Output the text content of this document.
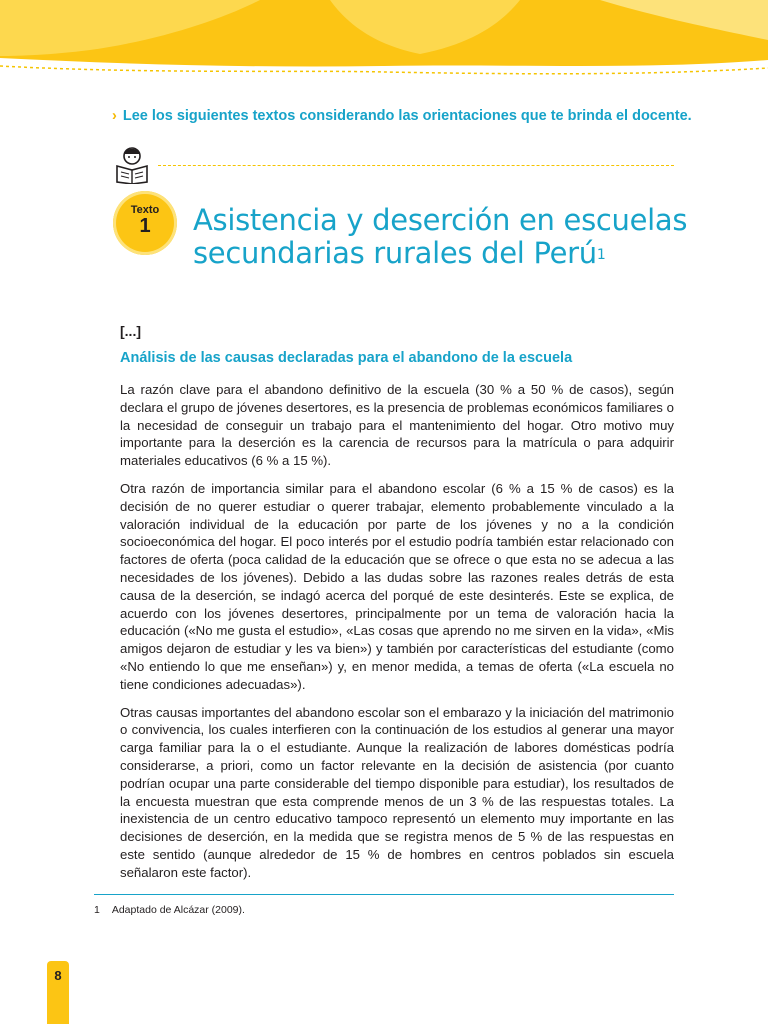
› Lee los siguientes textos considerando las orientaciones que te brinda el docente.
Texto
1	Asistencia y deserción en escuelas
secundarias rurales del Perú$^1$
[...]
Análisis de las causas declaradas para el abandono de la escuela

La razón clave para el abandono definitivo de la escuela (30 % a 50 % de casos), según declara el grupo de jóvenes desertores, es la presencia de problemas económicos familiares o la necesidad de conseguir un trabajo para el mantenimiento del hogar. Otro motivo muy importante para la deserción es la carencia de recursos para la matrícula o para adquirir materiales educativos (6 % a 15 %).

Otra razón de importancia similar para el abandono escolar (6 % a 15 % de casos) es la decisión de no querer estudiar o querer trabajar, elemento probablemente vinculado a la valoración individual de la educación por parte de los jóvenes y no a la condición socioeconómica del hogar. El poco interés por el estudio podría también estar relacionado con factores de oferta (poca calidad de la educación que se ofrece o que esta no se adecua a las necesidades de los jóvenes). Debido a las dudas sobre las razones reales detrás de esta causa de la deserción, se indagó acerca del porqué de este desinterés. Este se explica, de acuerdo con los jóvenes desertores, principalmente por un tema de valoración hacia la educación («No me gusta el estudio», «Las cosas que aprendo no me sirven en la vida», «Mis amigos dejaron de estudiar y les va bien») y también por características del estudiante (como «No entiendo lo que me enseñan») y, en menor medida, a temas de oferta («La escuela no tiene condiciones adecuadas»).

Otras causas importantes del abandono escolar son el embarazo y la iniciación del matrimonio o convivencia, los cuales interfieren con la continuación de los estudios al generar una mayor carga familiar para la o el estudiante. Aunque la realización de labores domésticas podría considerarse, a priori, como un factor relevante en la decisión de asistencia (por cuanto podrían ocupar una parte considerable del tiempo disponible para estudiar), los resultados de la encuesta muestran que esta comprende menos de un 3 % de las respuestas totales. La inexistencia de un centro educativo tampoco representó un elemento muy importante en las decisiones de deserción, en la medida que se registra menos de 5 % de las respuestas en este sentido (aunque alrededor de 15 % de hombres en centros poblados sin escuela señalaron este factor).

1 Adaptado de Alcázar (2009).
8
